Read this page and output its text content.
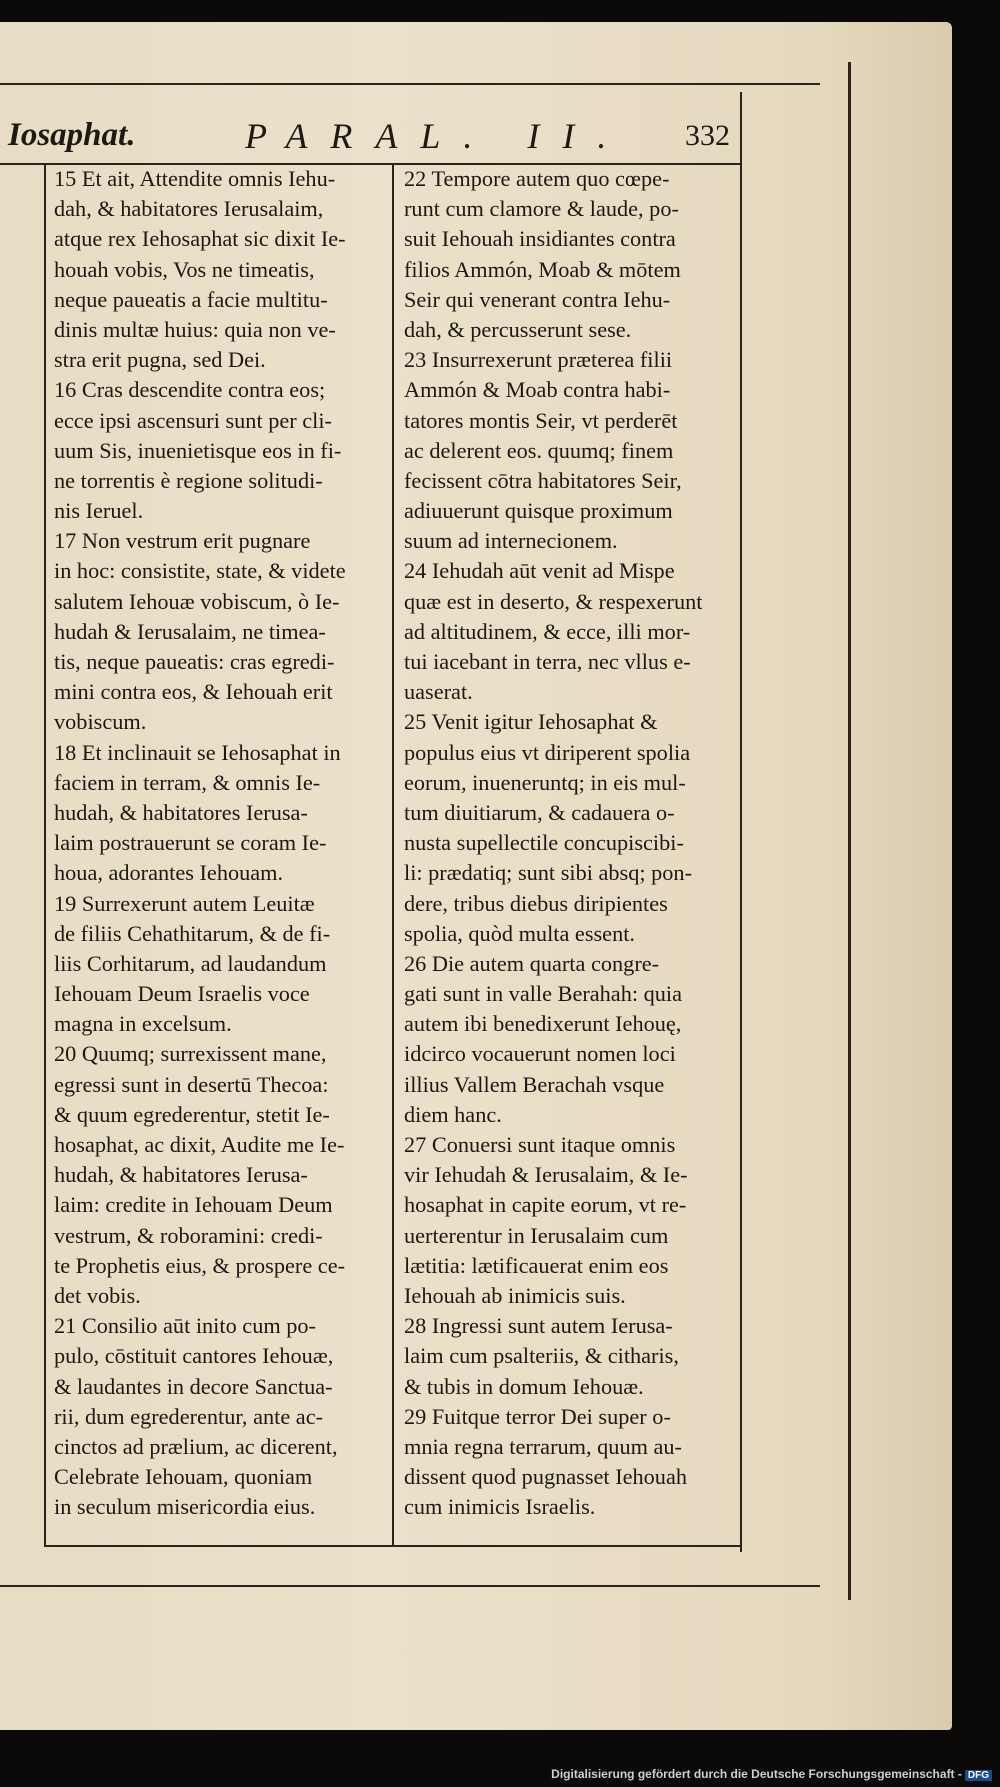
Iosaphat.	PARAL. II. 332
15 Et ait, Attendite omnis Iehu-
dah, & habitatores Ierusalaim,
atque rex Iehosaphat sic dixit Ie-
houah vobis, Vos ne timeatis,
neque paueatis a facie multitu-
dinis multæ huius: quia non ve-
stra erit pugna, sed Dei.
16 Cras descendite contra eos;
ecce ipsi ascensuri sunt per cli-
uum Sis, inuenietisque eos in fi-
ne torrentis è regione solitudi-
nis Ieruel.
17 Non vestrum erit pugnare
in hoc: consistite, state, & videte
salutem Iehouæ vobiscum, ò Ie-
hudah & Ierusalaim, ne timea-
tis, neque paueatis: cras egredi-
mini contra eos, & Iehouah erit
vobiscum.
18 Et inclinauit se Iehosaphat in
faciem in terram, & omnis Ie-
hudah, & habitatores Ierusa-
laim postrauerunt se coram Ie-
houa, adorantes Iehouam.
19 Surrexerunt autem Leuitæ
de filiis Cehathitarum, & de fi-
liis Corhitarum, ad laudandum
Iehouam Deum Israelis voce
magna in excelsum.
20 Quumq; surrexissent mane,
egressi sunt in desertū Thecoa:
& quum egrederentur, stetit Ie-
hosaphat, ac dixit, Audite me Ie-
hudah, & habitatores Ierusa-
laim: credite in Iehouam Deum
vestrum, & roboramini: credi-
te Prophetis eius, & prospere ce-
det vobis.
21 Consilio aūt inito cum po-
pulo, cōstituit cantores Iehouæ,
& laudantes in decore Sanctua-
rii, dum egrederentur, ante ac-
cinctos ad prælium, ac dicerent,
Celebrate Iehouam, quoniam
in seculum misericordia eius.
22 Tempore autem quo cœpe-
runt cum clamore & laude, po-
suit Iehouah insidiantes contra
filios Ammón, Moab & mōtem
Seir qui venerant contra Iehu-
dah, & percusserunt sese.
23 Insurrexerunt præterea filii
Ammón & Moab contra habi-
tatores montis Seir, vt perderēt
ac delerent eos. quumq; finem
fecissent cōtra habitatores Seir,
adiuuerunt quisque proximum
suum ad internecionem.
24 Iehudah aūt venit ad Mispe
quæ est in deserto, & respexerunt
ad altitudinem, & ecce, illi mor-
tui iacebant in terra, nec vllus e-
uaserat.
25 Venit igitur Iehosaphat &
populus eius vt diriperent spolia
eorum, inueneruntq; in eis mul-
tum diuitiarum, & cadauera o-
nusta supellectile concupiscibi-
li: prædatiq; sunt sibi absq; pon-
dere, tribus diebus diripientes
spolia, quòd multa essent.
26 Die autem quarta congre-
gati sunt in valle Berahah: quia
autem ibi benedixerunt Iehouę,
idcirco vocauerunt nomen loci
illius Vallem Berachah vsque
diem hanc.
27 Conuersi sunt itaque omnis
vir Iehudah & Ierusalaim, & Ie-
hosaphat in capite eorum, vt re-
uerterentur in Ierusalaim cum
lætitia: lætificauerat enim eos
Iehouah ab inimicis suis.
28 Ingressi sunt autem Ierusa-
laim cum psalteriis, & citharis,
& tubis in domum Iehouæ.
29 Fuitque terror Dei super o-
mnia regna terrarum, quum au-
dissent quod pugnasset Iehouah
cum inimicis Israelis.
Digitalisierung gefördert durch die Deutsche Forschungsgemeinschaft - DFG
